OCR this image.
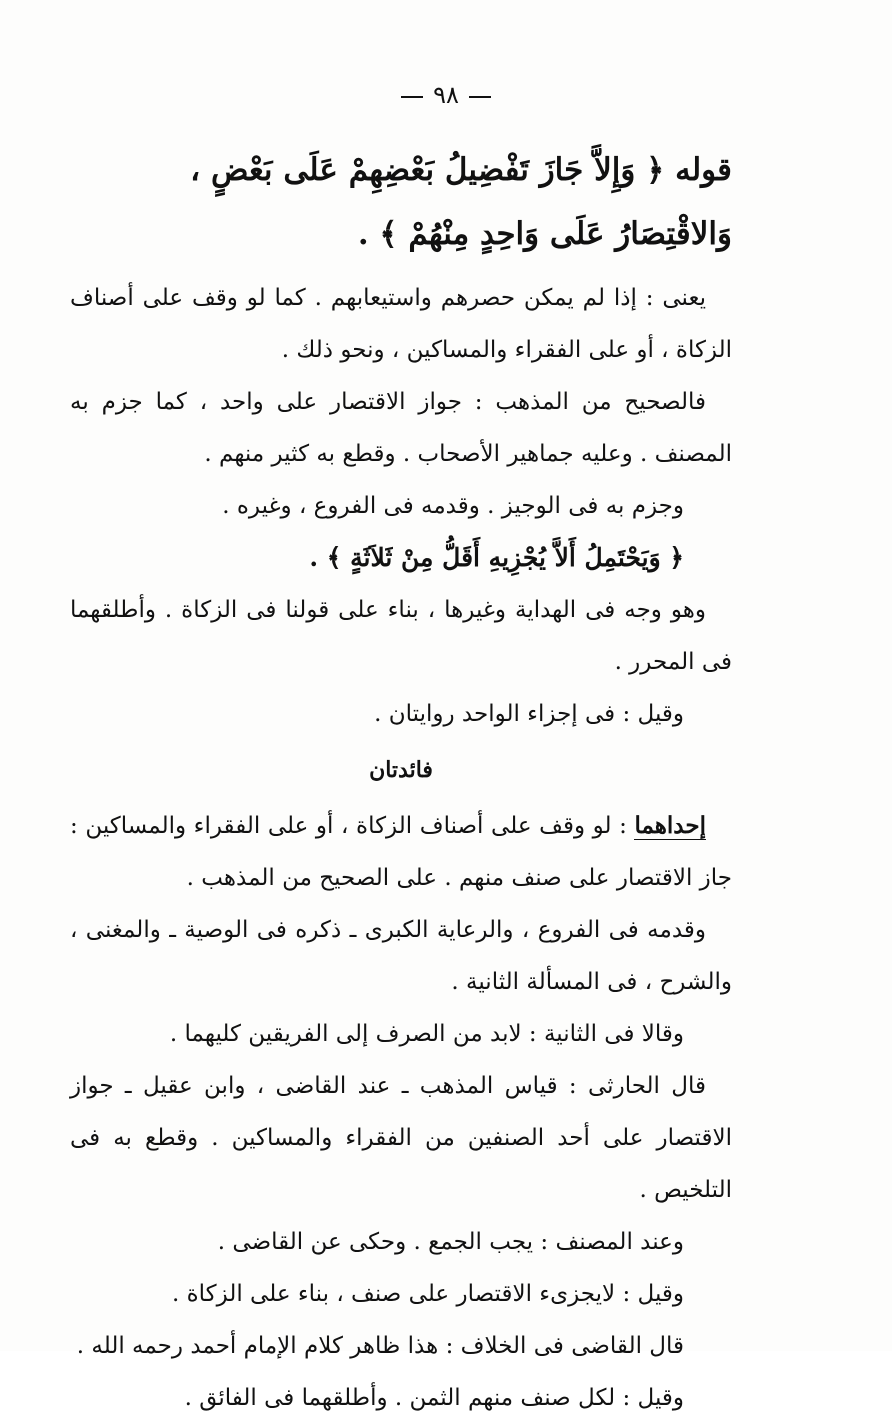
٩٨

قوله ﴿ وَإِلاَّ جَازَ تَفْضِيلُ بَعْضِهِمْ عَلَى بَعْضٍ ، وَالاقْتِصَارُ عَلَى وَاحِدٍ مِنْهُمْ ﴾ .

يعنى : إذا لم يمكن حصرهم واستيعابهم . كما لو وقف على أصناف الزكاة ، أو على الفقراء والمساكين ، ونحو ذلك .

فالصحيح من المذهب : جواز الاقتصار على واحد ، كما جزم به المصنف . وعليه جماهير الأصحاب . وقطع به كثير منهم .

وجزم به فى الوجيز . وقدمه فى الفروع ، وغيره .

﴿ وَيَحْتَمِلُ أَلاَّ يُجْزِيهِ أَقَلُّ مِنْ ثَلاَثَةٍ ﴾ .

وهو وجه فى الهداية وغيرها ، بناء على قولنا فى الزكاة . وأطلقهما فى المحرر .

وقيل : فى إجزاء الواحد روايتان .

فائدتان

إحداهما : لو وقف على أصناف الزكاة ، أو على الفقراء والمساكين : جاز الاقتصار على صنف منهم . على الصحيح من المذهب .

وقدمه فى الفروع ، والرعاية الكبرى ـ ذكره فى الوصية ـ والمغنى ، والشرح ، فى المسألة الثانية .

وقالا فى الثانية : لابد من الصرف إلى الفريقين كليهما .

قال الحارثى : قياس المذهب ـ عند القاضى ، وابن عقيل ـ جواز الاقتصار على أحد الصنفين من الفقراء والمساكين . وقطع به فى التلخيص .

وعند المصنف : يجب الجمع . وحكى عن القاضى .

وقيل : لايجزىء الاقتصار على صنف ، بناء على الزكاة .

قال القاضى فى الخلاف : هذا ظاهر كلام الإمام أحمد رحمه الله .

وقيل : لكل صنف منهم الثمن . وأطلقهما فى الفائق .
